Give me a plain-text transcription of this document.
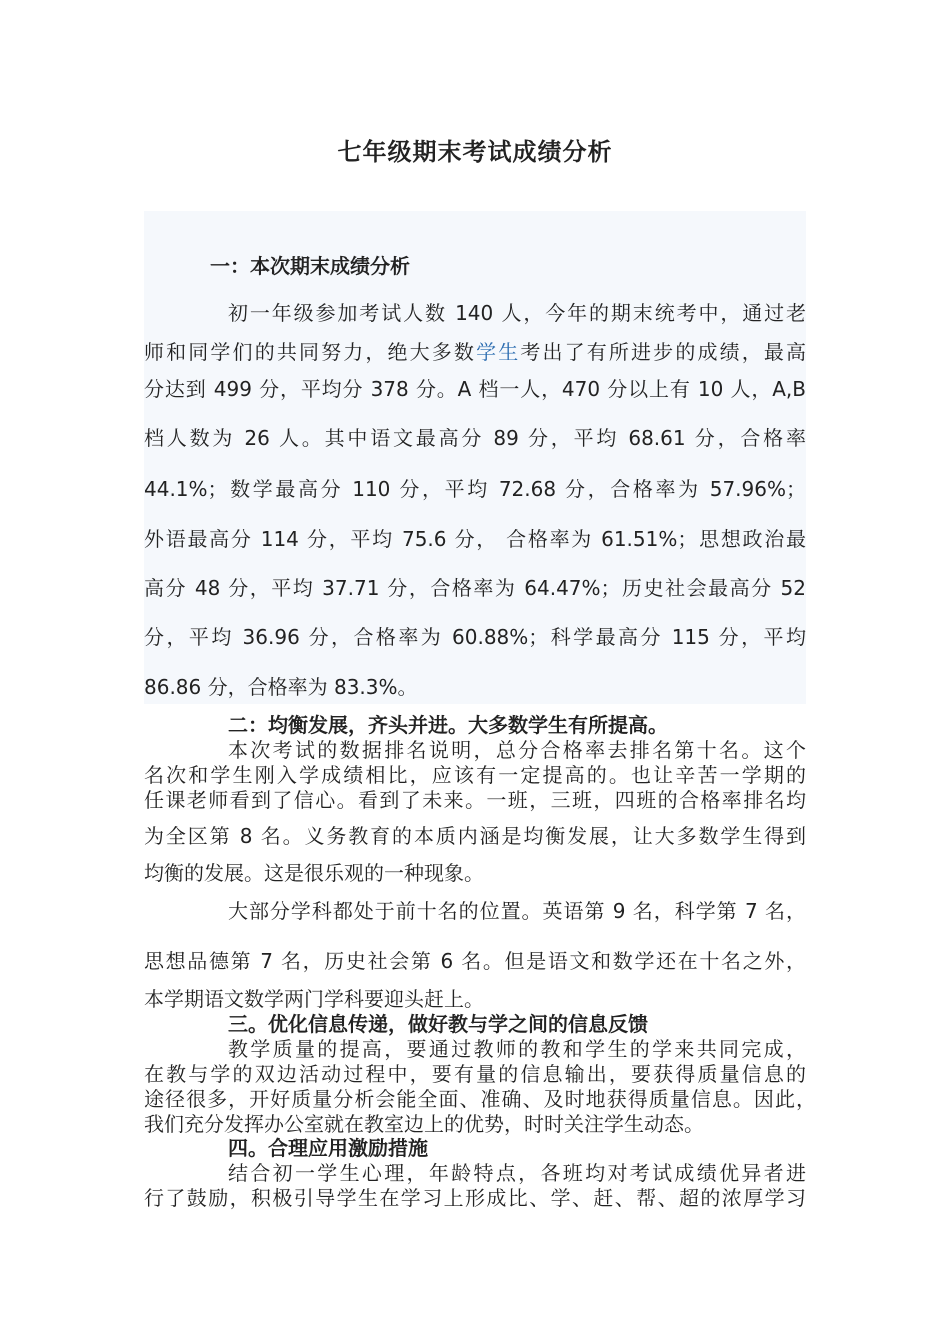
七年级期末考试成绩分析

一：本次期末成绩分析

初一年级参加考试人数 140 人，今年的期末统考中，通过老

师和同学们的共同努力，绝大多数学生考出了有所进步的成绩，最高

分达到 499 分，平均分 378 分。A 档一人，470 分以上有 10 人，A,B

档人数为 26 人。其中语文最高分 89 分，平均 68.61 分，合格率

44.1%；数学最高分 110 分，平均 72.68 分，合格率为 57.96%；

外语最高分 114 分，平均 75.6 分， 合格率为 61.51%；思想政治最

高分 48 分，平均 37.71 分，合格率为 64.47%；历史社会最高分 52

分，平均 36.96 分，合格率为 60.88%；科学最高分 115 分，平均

86.86 分，合格率为 83.3%。

二：均衡发展，齐头并进。大多数学生有所提高。

本次考试的数据排名说明，总分合格率去排名第十名。这个

名次和学生刚入学成绩相比，应该有一定提高的。也让辛苦一学期的

任课老师看到了信心。看到了未来。一班，三班，四班的合格率排名均

为全区第 8 名。义务教育的本质内涵是均衡发展，让大多数学生得到

均衡的发展。这是很乐观的一种现象。

大部分学科都处于前十名的位置。英语第 9 名，科学第 7 名，

思想品德第 7 名，历史社会第 6 名。但是语文和数学还在十名之外，

本学期语文数学两门学科要迎头赶上。

三。优化信息传递，做好教与学之间的信息反馈

教学质量的提高，要通过教师的教和学生的学来共同完成，

在教与学的双边活动过程中，要有量的信息输出，要获得质量信息的

途径很多，开好质量分析会能全面、准确、及时地获得质量信息。因此，

我们充分发挥办公室就在教室边上的优势，时时关注学生动态。

四。合理应用激励措施

结合初一学生心理，年龄特点，各班均对考试成绩优异者进

行了鼓励，积极引导学生在学习上形成比、学、赶、帮、超的浓厚学习
